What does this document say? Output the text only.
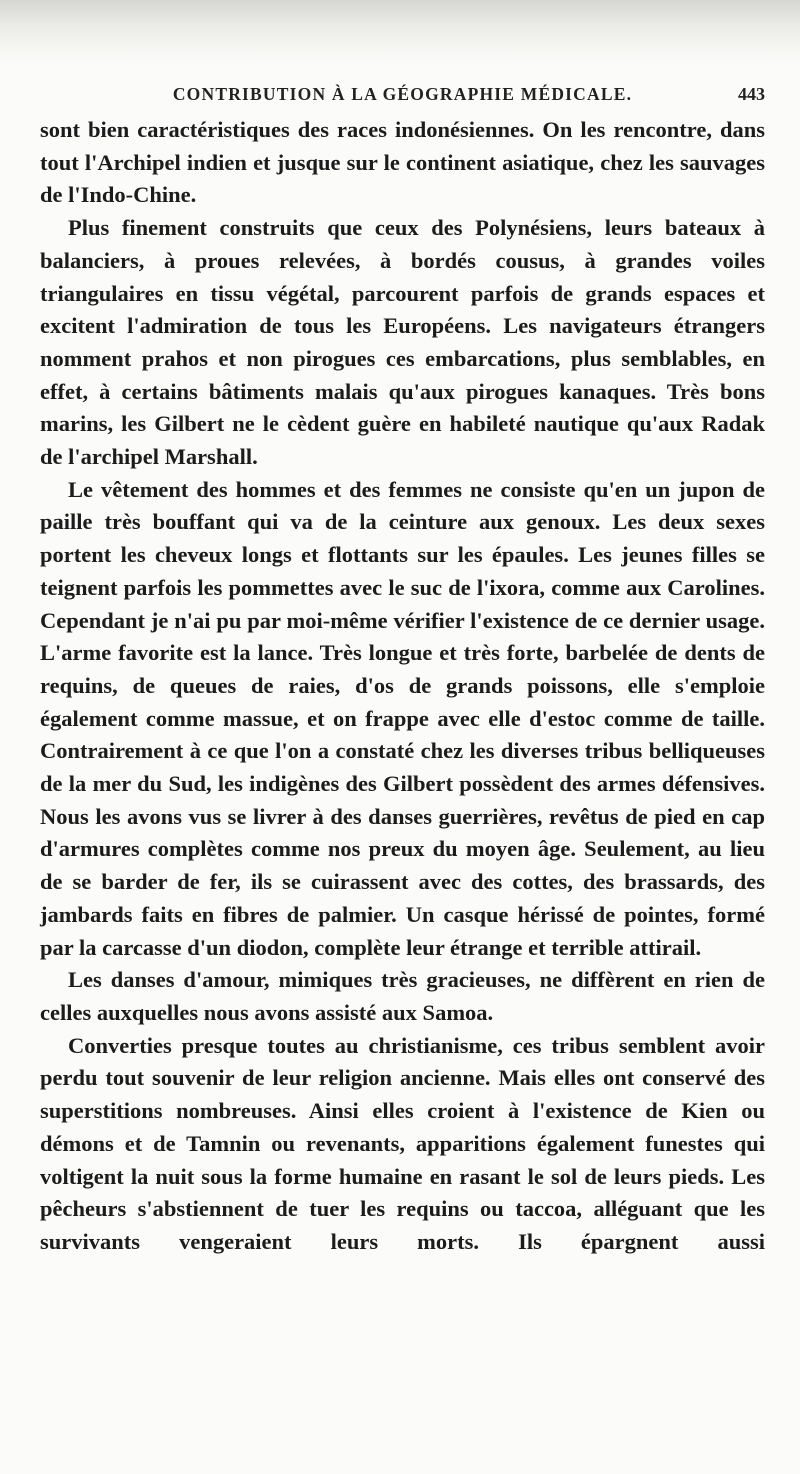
CONTRIBUTION À LA GÉOGRAPHIE MÉDICALE.	443

sont bien caractéristiques des races indonésiennes. On les rencontre, dans tout l'Archipel indien et jusque sur le continent asiatique, chez les sauvages de l'Indo-Chine.

Plus finement construits que ceux des Polynésiens, leurs bateaux à balanciers, à proues relevées, à bordés cousus, à grandes voiles triangulaires en tissu végétal, parcourent parfois de grands espaces et excitent l'admiration de tous les Européens. Les navigateurs étrangers nomment prahos et non pirogues ces embarcations, plus semblables, en effet, à certains bâtiments malais qu'aux pirogues kanaques. Très bons marins, les Gilbert ne le cèdent guère en habileté nautique qu'aux Radak de l'archipel Marshall.

Le vêtement des hommes et des femmes ne consiste qu'en un jupon de paille très bouffant qui va de la ceinture aux genoux. Les deux sexes portent les cheveux longs et flottants sur les épaules. Les jeunes filles se teignent parfois les pommettes avec le suc de l'ixora, comme aux Carolines. Cependant je n'ai pu par moi-même vérifier l'existence de ce dernier usage. L'arme favorite est la lance. Très longue et très forte, barbelée de dents de requins, de queues de raies, d'os de grands poissons, elle s'emploie également comme massue, et on frappe avec elle d'estoc comme de taille. Contrairement à ce que l'on a constaté chez les diverses tribus belliqueuses de la mer du Sud, les indigènes des Gilbert possèdent des armes défensives. Nous les avons vus se livrer à des danses guerrières, revêtus de pied en cap d'armures complètes comme nos preux du moyen âge. Seulement, au lieu de se barder de fer, ils se cuirassent avec des cottes, des brassards, des jambards faits en fibres de palmier. Un casque hérissé de pointes, formé par la carcasse d'un diodon, complète leur étrange et terrible attirail.

Les danses d'amour, mimiques très gracieuses, ne diffèrent en rien de celles auxquelles nous avons assisté aux Samoa.

Converties presque toutes au christianisme, ces tribus semblent avoir perdu tout souvenir de leur religion ancienne. Mais elles ont conservé des superstitions nombreuses. Ainsi elles croient à l'existence de Kien ou démons et de Tamnin ou revenants, apparitions également funestes qui voltigent la nuit sous la forme humaine en rasant le sol de leurs pieds. Les pêcheurs s'abstiennent de tuer les requins ou taccoa, alléguant que les survivants vengeraient leurs morts. Ils épargnent aussi
